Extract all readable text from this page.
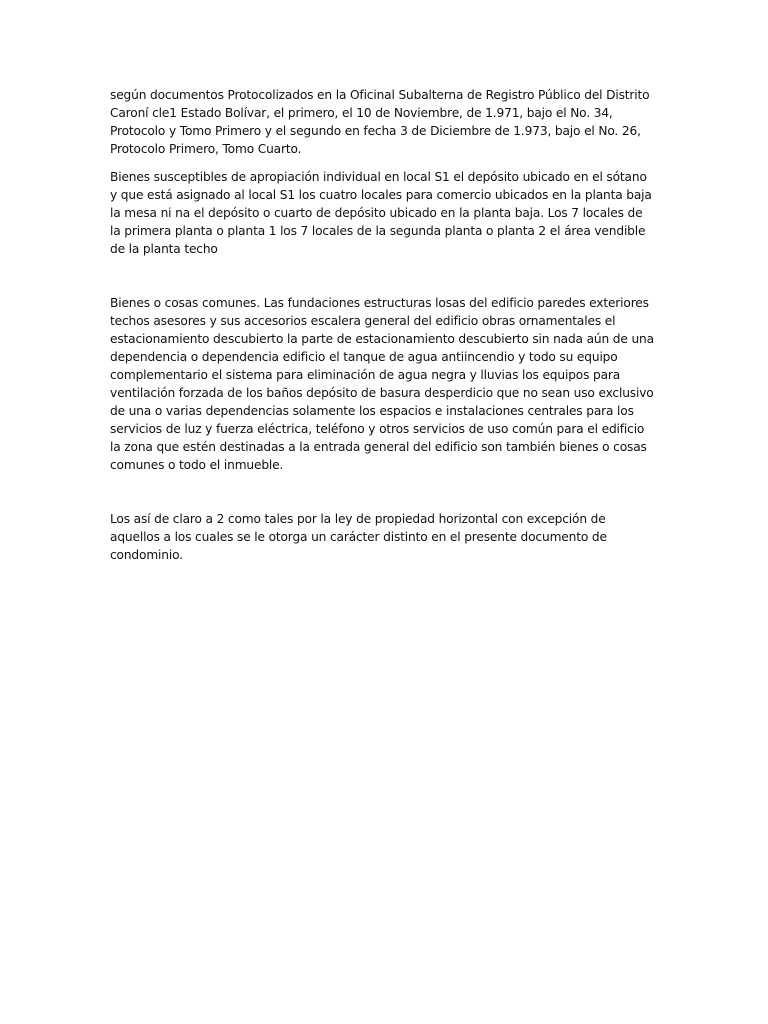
según documentos Protocolizados en la Oficinal Subalterna de Registro Público del Distrito Caroní cle1 Estado Bolívar, el primero, el 10 de Noviembre, de 1.971, bajo el No. 34, Protocolo y Tomo Primero y el segundo en fecha 3 de Diciembre de 1.973, bajo el No. 26, Protocolo Primero, Tomo Cuarto.

Bienes susceptibles de apropiación individual en local S1 el depósito ubicado en el sótano y que está asignado al local S1 los cuatro locales para comercio ubicados en la planta baja la mesa ni na el depósito o cuarto de depósito ubicado en la planta baja. Los 7 locales de la primera planta o planta 1 los 7 locales de la segunda planta o planta 2 el área vendible de la planta techo

Bienes o cosas comunes. Las fundaciones estructuras losas del edificio paredes exteriores techos asesores y sus accesorios escalera general del edificio obras ornamentales el estacionamiento descubierto la parte de estacionamiento descubierto sin nada aún de una dependencia o dependencia edificio el tanque de agua antiincendio y todo su equipo complementario el sistema para eliminación de agua negra y lluvias los equipos para ventilación forzada de los baños depósito de basura desperdicio que no sean uso exclusivo de una o varias dependencias solamente los espacios e instalaciones centrales para los servicios de luz y fuerza eléctrica, teléfono y otros servicios de uso común para el edificio la zona que estén destinadas a la entrada general del edificio son también bienes o cosas comunes o todo el inmueble.

Los así de claro a 2 como tales por la ley de propiedad horizontal con excepción de aquellos a los cuales se le otorga un carácter distinto en el presente documento de condominio.
